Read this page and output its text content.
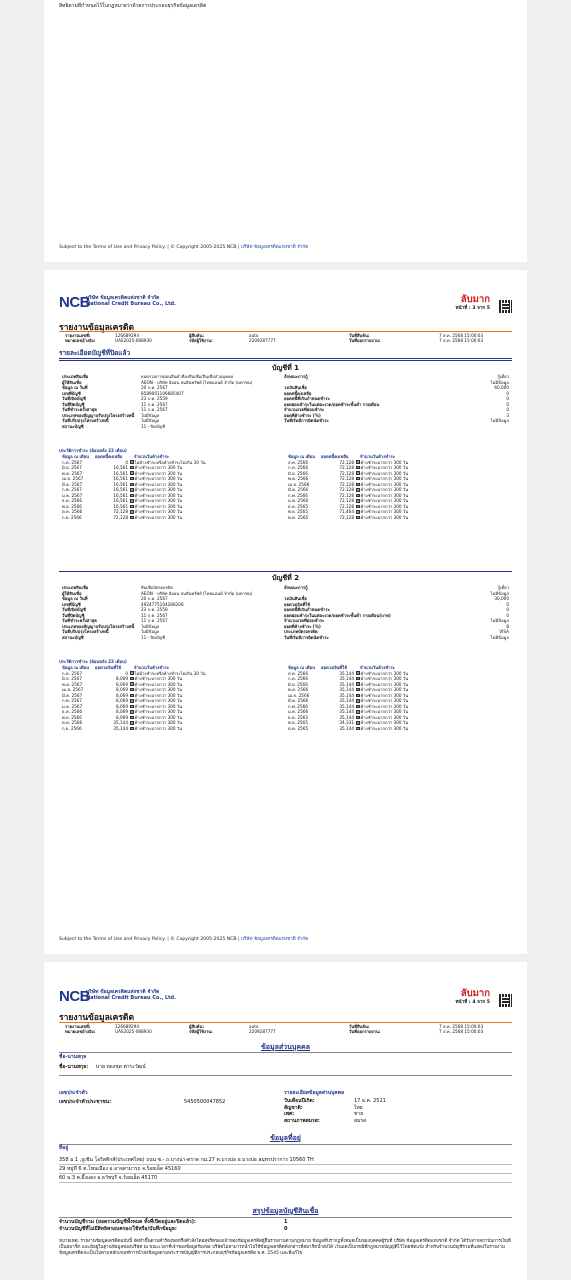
สิทธิตามที่กำหนดไว้ในกฎหมายว่าด้วยการประกอบธุรกิจข้อมูลเครดิต
Subject to the Terms of Use and Privacy Policy. | © Copyright 2005-2025 NCB | บริษัท ข้อมูลเครดิตแห่งชาติ จำกัด
NCB
บริษัท ข้อมูลเครดิตแห่งชาติ จำกัด
National Credit Bureau Co., Ltd.	ลับมาก
หน้าที่ : 3 จาก 5
รายงานข้อมูลเครดิต
รายงานเลขที่:	126689294	ผู้สืบค้น:	auto	วันที่สืบค้น:	7 ส.ค. 2568 15:00:03
หมายเลขอ้างอิง:	UAS2025-088930	รหัสผู้ใช้งาน:	2209287777	วันที่ออกรายงาน:	7 ส.ค. 2568 15:00:03
รายละเอียดบัญชีที่ปิดแล้ว
บัญชีที่ 1
ประเภทสินเชื่อ	ยอดรวมการผ่อนสินค้าที่ลงสินเชื่อ/สินเชื่อส่วนบุคคล	ลักษณะการกู้	กู้เดี่ยว
ผู้ให้สินเชื่อ	AEON - บริษัท อิออน ธนสินทรัพย์ (ไทยแลนด์ จำกัด (มหาชน)	ไม่มีข้อมูล
ข้อมูล ณ วันที่	20 ก.ค. 2567	วงเงินสินเชื่อ	60,000
เลขที่บัญชี	8589001106685407	ยอดหนี้คงเหลือ	0
วันที่เปิดบัญชี	23 ก.ค. 2559	ยอดหนี้ที่เกินกำหนดชำระ	0
วันที่ปิดบัญชี	11 ก.ค. 2567	ยอดผ่อนชำระในแต่ละงวด/ยอดชำระขั้นต่ำ รายเดือน	0
วันที่ชำระครั้งล่าสุด	11 ก.ค. 2567	จำนวนงวดที่ผ่อนชำระ	0
ประเภทของสัญญาปรับปรุงโครงสร้างหนี้ ไม่มีข้อมูล	ยอดที่ค้างชำระ (%)	3
วันที่ปรับปรุงโครงสร้างหนี้	ไม่มีข้อมูล	วันที่เริ่มมีการผิดนัดชำระ	ไม่มีข้อมูล
สถานะบัญชี	11 - ปิดบัญชี
ประวัติการชำระ (ย้อนหลัง 22 เดือน)
ข้อมูล ณ เดือน ยอดหนี้คงเหลือ	จำนวนวันค้างชำระ	ข้อมูล ณ เดือน ยอดหนี้คงเหลือ	จำนวนวันค้างชำระ
ก.ค. 2567	0	ไม่ค้างชำระหรือค้างชำระไม่เกิน 30 วัน	ส.ค. 2566	72,128	ค้างชำระมากกว่า 300 วัน
มิ.ย. 2567	16,561	ค้างชำระมากกว่า 300 วัน	ก.ค. 2566	72,128	ค้างชำระมากกว่า 300 วัน
พ.ค. 2567	16,561	ค้างชำระมากกว่า 300 วัน	มิ.ย. 2566	72,128	ค้างชำระมากกว่า 300 วัน
เม.ย. 2567	16,561	ค้างชำระมากกว่า 300 วัน	พ.ค. 2566	72,128	ค้างชำระมากกว่า 300 วัน
มี.ค. 2567	16,561	ค้างชำระมากกว่า 300 วัน	เม.ย. 2566	72,128	ค้างชำระมากกว่า 300 วัน
ก.พ. 2567	16,561	ค้างชำระมากกว่า 300 วัน	มี.ค. 2566	72,128	ค้างชำระมากกว่า 300 วัน
ม.ค. 2567	16,561	ค้างชำระมากกว่า 300 วัน	ก.พ. 2566	72,128	ค้างชำระมากกว่า 300 วัน
ธ.ค. 2566	16,561	ค้างชำระมากกว่า 300 วัน	ม.ค. 2566	72,128	ค้างชำระมากกว่า 300 วัน
พ.ย. 2566	16,561	ค้างชำระมากกว่า 300 วัน	ธ.ค. 2565	72,128	ค้างชำระมากกว่า 300 วัน
ต.ค. 2566	72,128	ค้างชำระมากกว่า 300 วัน	พ.ย. 2565	71,464	ค้างชำระมากกว่า 300 วัน
ก.ย. 2566	72,128	ค้างชำระมากกว่า 300 วัน	ต.ค. 2565	72,128	ค้างชำระมากกว่า 300 วัน
บัญชีที่ 2
ประเภทสินเชื่อ	สินเชื่อบัตรเครดิต	ลักษณะการกู้	กู้เดี่ยว
ผู้ให้สินเชื่อ	AEON - บริษัท อิออน ธนสินทรัพย์ (ไทยแลนด์ จำกัด (มหาชน)	ไม่มีข้อมูล
ข้อมูล ณ วันที่	20 ก.ค. 2567	วงเงินสินเชื่อ	30,000
เลขที่บัญชี	4924775104288206	ยอดวงเงินที่ใช้	0
วันที่เปิดบัญชี	23 ก.ค. 2559	ยอดหนี้ที่เกินกำหนดชำระ	0
วันที่ปิดบัญชี	11 ก.ค. 2567	ยอดผ่อนชำระในแต่ละงวด/ยอดชำระขั้นต่ำ รายเดือน(บาท)	0
วันที่ชำระครั้งล่าสุด	11 ก.ค. 2567	จำนวนงวดที่ผ่อนชำระ	ไม่มีข้อมูล
ประเภทของสัญญาปรับปรุงโครงสร้างหนี้ ไม่มีข้อมูล	ยอดที่ค้างชำระ (%)	8
วันที่ปรับปรุงโครงสร้างหนี้	ไม่มีข้อมูล	ประเภทบัตรเครดิต	VISA
สถานะบัญชี	11 - ปิดบัญชี	วันที่เริ่มมีการผิดนัดชำระ	ไม่มีข้อมูล
ประวัติการชำระ (ย้อนหลัง 22 เดือน)
ข้อมูล ณ เดือน ยอดวงเงินที่ใช้	จำนวนวันค้างชำระ	ข้อมูล ณ เดือน ยอดวงเงินที่ใช้	จำนวนวันค้างชำระ
ก.ค. 2567	0	ไม่ค้างชำระหรือค้างชำระไม่เกิน 30 วัน	ส.ค. 2566	35,144	ค้างชำระมากกว่า 300 วัน
มิ.ย. 2567	8,069	ค้างชำระมากกว่า 300 วัน	ก.ค. 2566	35,144	ค้างชำระมากกว่า 300 วัน
พ.ค. 2567	8,069	ค้างชำระมากกว่า 300 วัน	มิ.ย. 2566	35,144	ค้างชำระมากกว่า 300 วัน
เม.ย. 2567	8,069	ค้างชำระมากกว่า 300 วัน	พ.ค. 2566	35,144	ค้างชำระมากกว่า 300 วัน
มี.ค. 2567	8,069	ค้างชำระมากกว่า 300 วัน	เม.ย. 2566	35,144	ค้างชำระมากกว่า 300 วัน
ก.พ. 2567	8,069	ค้างชำระมากกว่า 300 วัน	มี.ค. 2566	35,144	ค้างชำระมากกว่า 300 วัน
ม.ค. 2567	8,069	ค้างชำระมากกว่า 300 วัน	ก.พ. 2566	35,144	ค้างชำระมากกว่า 300 วัน
ธ.ค. 2566	8,069	ค้างชำระมากกว่า 300 วัน	ม.ค. 2566	35,144	ค้างชำระมากกว่า 300 วัน
พ.ย. 2566	8,069	ค้างชำระมากกว่า 300 วัน	ธ.ค. 2565	35,144	ค้างชำระมากกว่า 300 วัน
ต.ค. 2566	35,144	ค้างชำระมากกว่า 300 วัน	พ.ย. 2565	34,331	ค้างชำระมากกว่า 300 วัน
ก.ย. 2566	35,144	ค้างชำระมากกว่า 300 วัน	ต.ค. 2565	35,144	ค้างชำระมากกว่า 300 วัน
Subject to the Terms of Use and Privacy Policy. | © Copyright 2005-2025 NCB | บริษัท ข้อมูลเครดิตแห่งชาติ จำกัด
NCB
บริษัท ข้อมูลเครดิตแห่งชาติ จำกัด
National Credit Bureau Co., Ltd.	ลับมาก
หน้าที่ : 4 จาก 5
รายงานข้อมูลเครดิต
รายงานเลขที่:	126689294	ผู้สืบค้น:	auto	วันที่สืบค้น:	7 ส.ค. 2568 15:00:03
หมายเลขอ้างอิง:	UAS2025-088930	รหัสผู้ใช้งาน:	2209287777	วันที่ออกรายงาน:	7 ส.ค. 2568 15:00:03
ข้อมูลส่วนบุคคล
ชื่อ-นามสกุล
ชื่อ-นามสกุล: นาย ทองชุด ตาระวัฒน์
เลขประจำตัว	รายละเอียดข้อมูลส่วนบุคคล
เลขประจำตัวประชาชน:	5450500047852	วันเดือนปีเกิด:	17 ธ.ค. 2521
สัญชาติ:	ไทย
เพศ:	ชาย
สถานภาพสมรส:	สมรส
ข้อมูลที่อยู่
ที่อยู่
358 ม.1 ,ถูเชิน โอริสติกส์(ประเทศไทย) ถนน ซ.- ถ.บางนา-ตราด กม.27 ต.บางบ่อ อ.บางบ่อ สมุทรปราการ 10560 TH
29 หมู่ที่ 6 ต.โพนเมือง อ.อาจสามารถ จ.ร้อยเอ็ด 45160
60 ม.3 ต.ผึ้งแดง อ.ธวัชบุรี จ.ร้อยเอ็ด 45170
สรุปข้อมูลบัญชีสินเชื่อ
จำนวนบัญชีรวม (ยอดรวมบัญชีทั้งหมด ทั้งที่เปิดอยู่และปิดแล้ว):	1
จำนวนบัญชีที่ไม่มีสิทธิครอบครอง/ใช้หรือ/บันทึกข้อมูล:	0
หมายเหตุ: รายงานข้อมูลเครดิตฉบับนี้ จัดทำขึ้นตามคำร้องขอหรือคำสั่งโดยสุจริตของเจ้าของข้อมูลเครดิตผู้ยื่นรายงานตามกฎหมาย ข้อมูลที่ปรากฏทั้งหมดเป็นของบุคคลผู้รับที่ บริษัท ข้อมูลเครดิตแห่งชาติ จำกัด ได้รับจากสถาบันการเงินที่เป็นสมาชิก และมีอยู่ในฐานข้อมูลของบริษัท ณ ขณะเวลาที่เจ้าของข้อมูลร้องขอ บริษัทไม่สามารถนำไปใช้ข้อมูลเครดิตดังกล่าวที่สมาชิกนำส่งได้ เว้นแต่เป็นกรณีที่กฎหมายบัญญัติไว้โดยชัดแจ้ง สำหรับจำนวนบัญชีรวมที่แสดงในรายงานข้อมูลเครดิตจะเป็นไปตามหลักเกณฑ์การนำส่งข้อมูลตามพระราชบัญญัติการประกอบธุรกิจข้อมูลเครดิต พ.ศ. 2545 และที่แก้ไข
